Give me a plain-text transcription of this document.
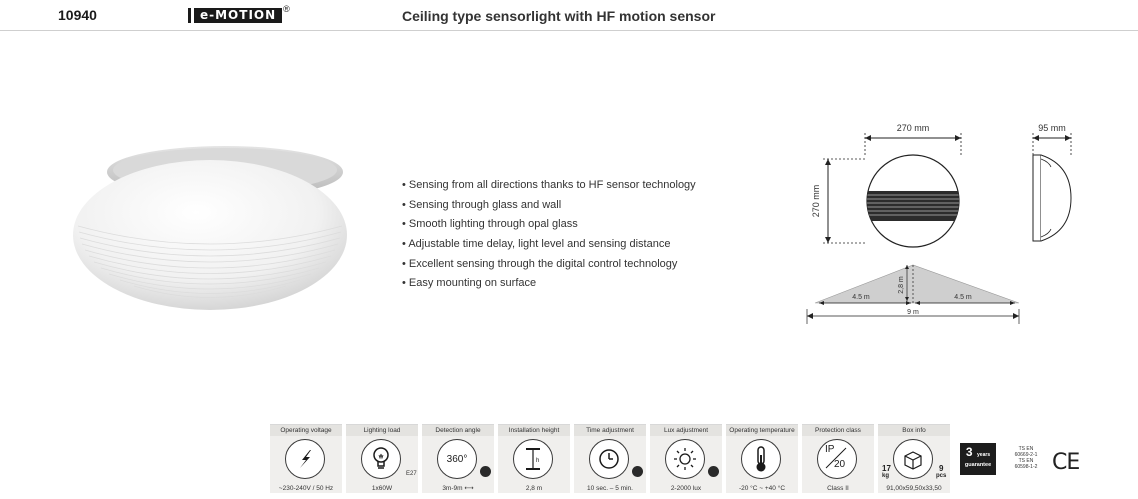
10940	e-MOTION ®	Ceiling type sensorlight with HF motion sensor
• Sensing from all directions thanks to HF sensor technology
• Sensing through glass and wall
• Smooth lighting through opal glass
• Adjustable time delay, light level and sensing distance
• Excellent sensing through the digital control technology
• Easy mounting on surface
270 mm
270 mm
95 mm
2,8 m
4.5 m	4.5 m
9 m
Operating voltage
~230-240V / 50 Hz
Lighting load
E27
1x60W
Detection angle
360°
3m-9m ⟷
Installation height
h
2,8 m
Time adjustment
10 sec. – 5 min.
Lux adjustment
2-2000 lux
Operating temperature
-20 °C ~ +40 °C
Protection class
IP
20
Class II
Box info
17
kg
9
pcs
91,00x59,50x33,50
3 years
guarantee
TS EN
60669-2-1
TS EN
60598-1-2 CE
